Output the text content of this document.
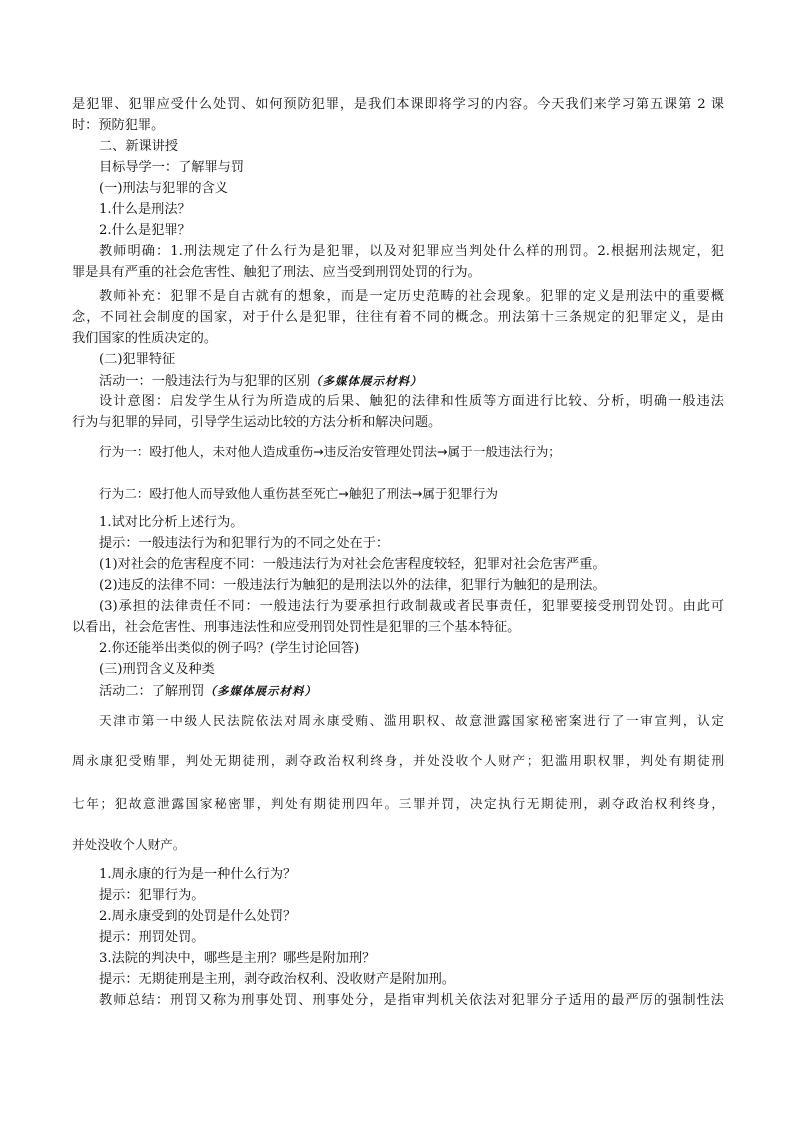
是犯罪、犯罪应受什么处罚、如何预防犯罪，是我们本课即将学习的内容。今天我们来学习第五课第 2 课
时：预防犯罪。
二、新课讲授
目标导学一：了解罪与罚
(一)刑法与犯罪的含义
1.什么是刑法？
2.什么是犯罪？
教师明确：1.刑法规定了什么行为是犯罪，以及对犯罪应当判处什么样的刑罚。2.根据刑法规定，犯
罪是具有严重的社会危害性、触犯了刑法、应当受到刑罚处罚的行为。
教师补充：犯罪不是自古就有的想象，而是一定历史范畴的社会现象。犯罪的定义是刑法中的重要概
念，不同社会制度的国家，对于什么是犯罪，往往有着不同的概念。刑法第十三条规定的犯罪定义，是由
我们国家的性质决定的。
(二)犯罪特征
活动一：一般违法行为与犯罪的区别（多媒体展示材料）
设计意图：启发学生从行为所造成的后果、触犯的法律和性质等方面进行比较、分析，明确一般违法
行为与犯罪的异同，引导学生运动比较的方法分析和解决问题。
行为一：殴打他人，未对他人造成重伤→违反治安管理处罚法→属于一般违法行为；
行为二：殴打他人而导致他人重伤甚至死亡→触犯了刑法→属于犯罪行为
1.试对比分析上述行为。
提示：一般违法行为和犯罪行为的不同之处在于：
(1)对社会的危害程度不同：一般违法行为对社会危害程度较轻，犯罪对社会危害严重。
(2)违反的法律不同：一般违法行为触犯的是刑法以外的法律，犯罪行为触犯的是刑法。
(3)承担的法律责任不同：一般违法行为要承担行政制裁或者民事责任，犯罪要接受刑罚处罚。由此可
以看出，社会危害性、刑事违法性和应受刑罚处罚性是犯罪的三个基本特征。
2.你还能举出类似的例子吗？(学生讨论回答)
(三)刑罚含义及种类
活动二：了解刑罚（多媒体展示材料）
天津市第一中级人民法院依法对周永康受贿、滥用职权、故意泄露国家秘密案进行了一审宣判，认定
周永康犯受贿罪，判处无期徒刑，剥夺政治权利终身，并处没收个人财产；犯滥用职权罪，判处有期徒刑
七年；犯故意泄露国家秘密罪，判处有期徒刑四年。三罪并罚，决定执行无期徒刑，剥夺政治权利终身，
并处没收个人财产。
1.周永康的行为是一种什么行为？
提示：犯罪行为。
2.周永康受到的处罚是什么处罚？
提示：刑罚处罚。
3.法院的判决中，哪些是主刑？哪些是附加刑？
提示：无期徒刑是主刑，剥夺政治权利、没收财产是附加刑。
教师总结：刑罚又称为刑事处罚、刑事处分，是指审判机关依法对犯罪分子适用的最严厉的强制性法
